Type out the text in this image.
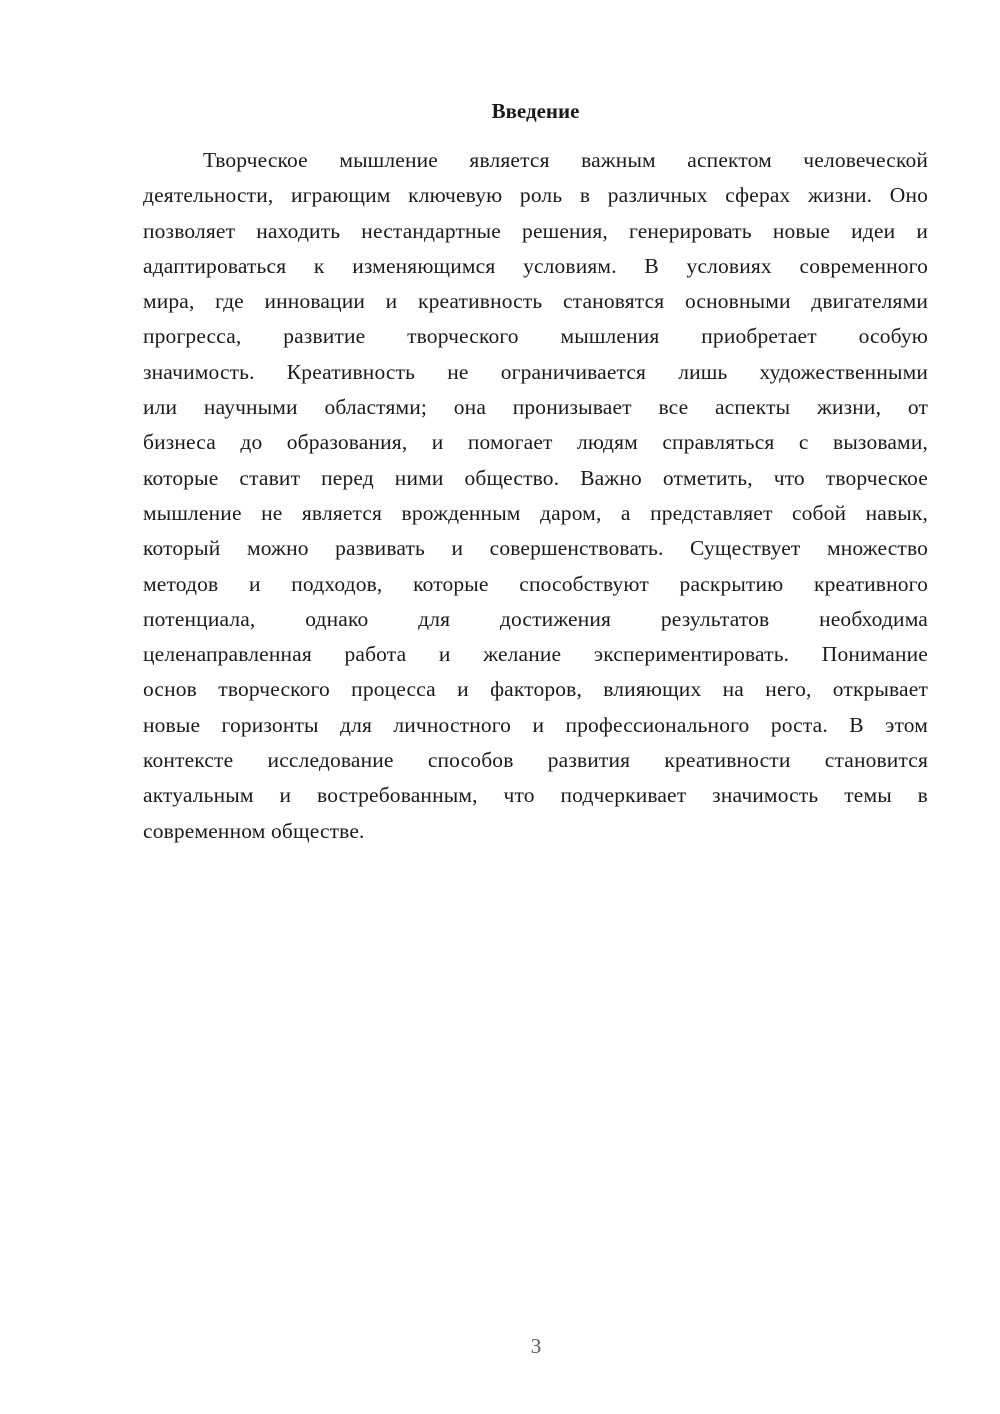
Введение
Творческое мышление является важным аспектом человеческой
деятельности, играющим ключевую роль в различных сферах жизни. Оно
позволяет находить нестандартные решения, генерировать новые идеи и
адаптироваться к изменяющимся условиям. В условиях современного
мира, где инновации и креативность становятся основными двигателями
прогресса, развитие творческого мышления приобретает особую
значимость. Креативность не ограничивается лишь художественными
или научными областями; она пронизывает все аспекты жизни, от
бизнеса до образования, и помогает людям справляться с вызовами,
которые ставит перед ними общество. Важно отметить, что творческое
мышление не является врожденным даром, а представляет собой навык,
который можно развивать и совершенствовать. Существует множество
методов и подходов, которые способствуют раскрытию креативного
потенциала, однако для достижения результатов необходима
целенаправленная работа и желание экспериментировать. Понимание
основ творческого процесса и факторов, влияющих на него, открывает
новые горизонты для личностного и профессионального роста. В этом
контексте исследование способов развития креативности становится
актуальным и востребованным, что подчеркивает значимость темы в
современном обществе.
3
